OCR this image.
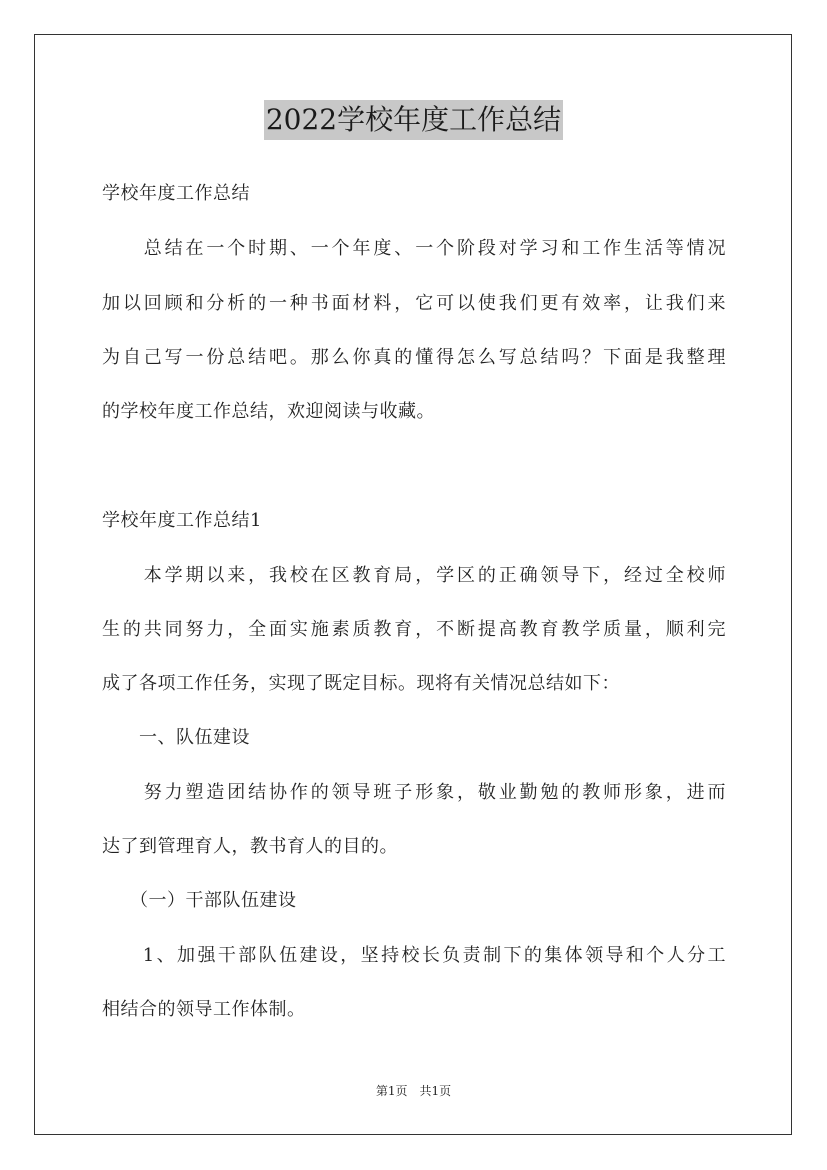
2022学校年度工作总结
学校年度工作总结
　　总结在一个时期、一个年度、一个阶段对学习和工作生活等情况
加以回顾和分析的一种书面材料，它可以使我们更有效率，让我们来
为自己写一份总结吧。那么你真的懂得怎么写总结吗？下面是我整理
的学校年度工作总结，欢迎阅读与收藏。
学校年度工作总结1
　　本学期以来，我校在区教育局，学区的正确领导下，经过全校师
生的共同努力，全面实施素质教育，不断提高教育教学质量，顺利完
成了各项工作任务，实现了既定目标。现将有关情况总结如下：
　　一、队伍建设
　　努力塑造团结协作的领导班子形象，敬业勤勉的教师形象，进而
达了到管理育人，教书育人的目的。
　　（一）干部队伍建设
　　1、加强干部队伍建设，坚持校长负责制下的集体领导和个人分工
相结合的领导工作体制。
第1页　共1页
